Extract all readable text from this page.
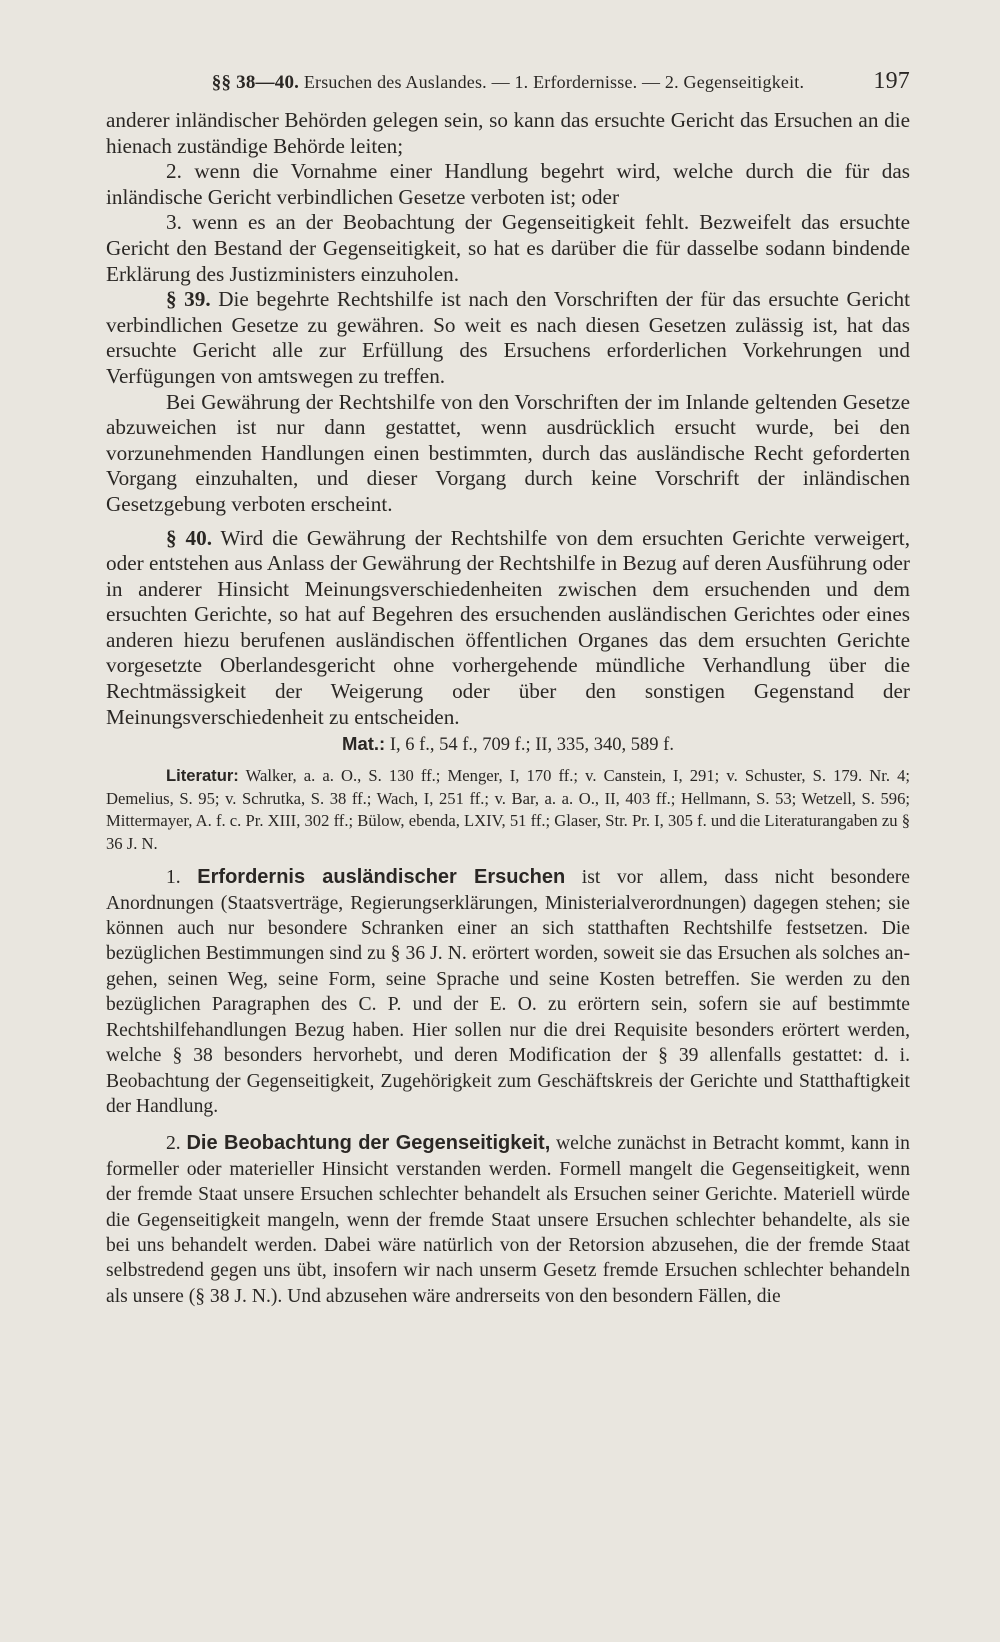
§§ 38—40. Ersuchen des Auslandes. — 1. Erfordernisse. — 2. Gegenseitigkeit.	197

anderer inländischer Behörden gelegen sein, so kann das ersuchte Gericht das Ersuchen an die hienach zuständige Behörde leiten;

2. wenn die Vornahme einer Handlung begehrt wird, welche durch die für das inländische Gericht verbindlichen Gesetze verboten ist; oder

3. wenn es an der Beobachtung der Gegenseitigkeit fehlt. Bezweifelt das ersuchte Gericht den Bestand der Gegenseitigkeit, so hat es darüber die für dasselbe sodann bindende Erklärung des Justizministers einzuholen.

§ 39. Die begehrte Rechtshilfe ist nach den Vorschriften der für das ersuchte Gericht verbindlichen Gesetze zu gewähren. So weit es nach diesen Gesetzen zulässig ist, hat das ersuchte Gericht alle zur Erfüllung des Ersuchens erforderlichen Vorkehrungen und Verfügungen von amtswegen zu treffen.

Bei Gewährung der Rechtshilfe von den Vorschriften der im Inlande geltenden Gesetze abzuweichen ist nur dann gestattet, wenn ausdrücklich ersucht wurde, bei den vorzunehmenden Handlungen einen bestimmten, durch das ausländische Recht geforderten Vorgang einzuhalten, und dieser Vorgang durch keine Vorschrift der inländischen Gesetzgebung verboten erscheint.

§ 40. Wird die Gewährung der Rechtshilfe von dem ersuchten Gerichte verweigert, oder entstehen aus Anlass der Gewährung der Rechtshilfe in Bezug auf deren Ausführung oder in anderer Hinsicht Meinungsverschiedenheiten zwischen dem ersuchenden und dem ersuchten Gerichte, so hat auf Begehren des ersuchenden ausländischen Gerichtes oder eines anderen hiezu berufenen ausländischen öffentlichen Organes das dem ersuchten Gerichte vorgesetzte Oberlandesgericht ohne vorhergehende mündliche Verhandlung über die Rechtmässigkeit der Weigerung oder über den sonstigen Gegenstand der Meinungsverschiedenheit zu entscheiden.

Mat.: I, 6 f., 54 f., 709 f.; II, 335, 340, 589 f.
Literatur: Walker, a. a. O., S. 130 ff.; Menger, I, 170 ff.; v. Canstein, I, 291; v. Schuster, S. 179. Nr. 4; Demelius, S. 95; v. Schrutka, S. 38 ff.; Wach, I, 251 ff.; v. Bar, a. a. O., II, 403 ff.; Hellmann, S. 53; Wetzell, S. 596; Mittermayer, A. f. c. Pr. XIII, 302 ff.; Bülow, ebenda, LXIV, 51 ff.; Glaser, Str. Pr. I, 305 f. und die Literaturangaben zu § 36 J. N.

1. Erfordernis ausländischer Ersuchen ist vor allem, dass nicht besondere Anordnungen (Staatsverträge, Regierungserklärungen, Ministerialverordnungen) dagegen stehen; sie können auch nur besondere Schranken einer an sich statthaften Rechtshilfe festsetzen. Die bezüglichen Bestimmungen sind zu § 36 J. N. erörtert worden, soweit sie das Ersuchen als solches angehen, seinen Weg, seine Form, seine Sprache und seine Kosten betreffen. Sie werden zu den bezüglichen Paragraphen des C. P. und der E. O. zu erörtern sein, sofern sie auf bestimmte Rechtshilfehandlungen Bezug haben. Hier sollen nur die drei Requisite besonders erörtert werden, welche § 38 besonders hervorhebt, und deren Modification der § 39 allenfalls gestattet: d. i. Beobachtung der Gegenseitigkeit, Zugehörigkeit zum Geschäftskreis der Gerichte und Statthaftigkeit der Handlung.

2. Die Beobachtung der Gegenseitigkeit, welche zunächst in Betracht kommt, kann in formeller oder materieller Hinsicht verstanden werden. Formell mangelt die Gegenseitigkeit, wenn der fremde Staat unsere Ersuchen schlechter behandelt als Ersuchen seiner Gerichte. Materiell würde die Gegenseitigkeit mangeln, wenn der fremde Staat unsere Ersuchen schlechter behandelte, als sie bei uns behandelt werden. Dabei wäre natürlich von der Retorsion abzusehen, die der fremde Staat selbstredend gegen uns übt, insofern wir nach unserm Gesetz fremde Ersuchen schlechter behandeln als unsere (§ 38 J. N.). Und abzusehen wäre andrerseits von den besondern Fällen, die
